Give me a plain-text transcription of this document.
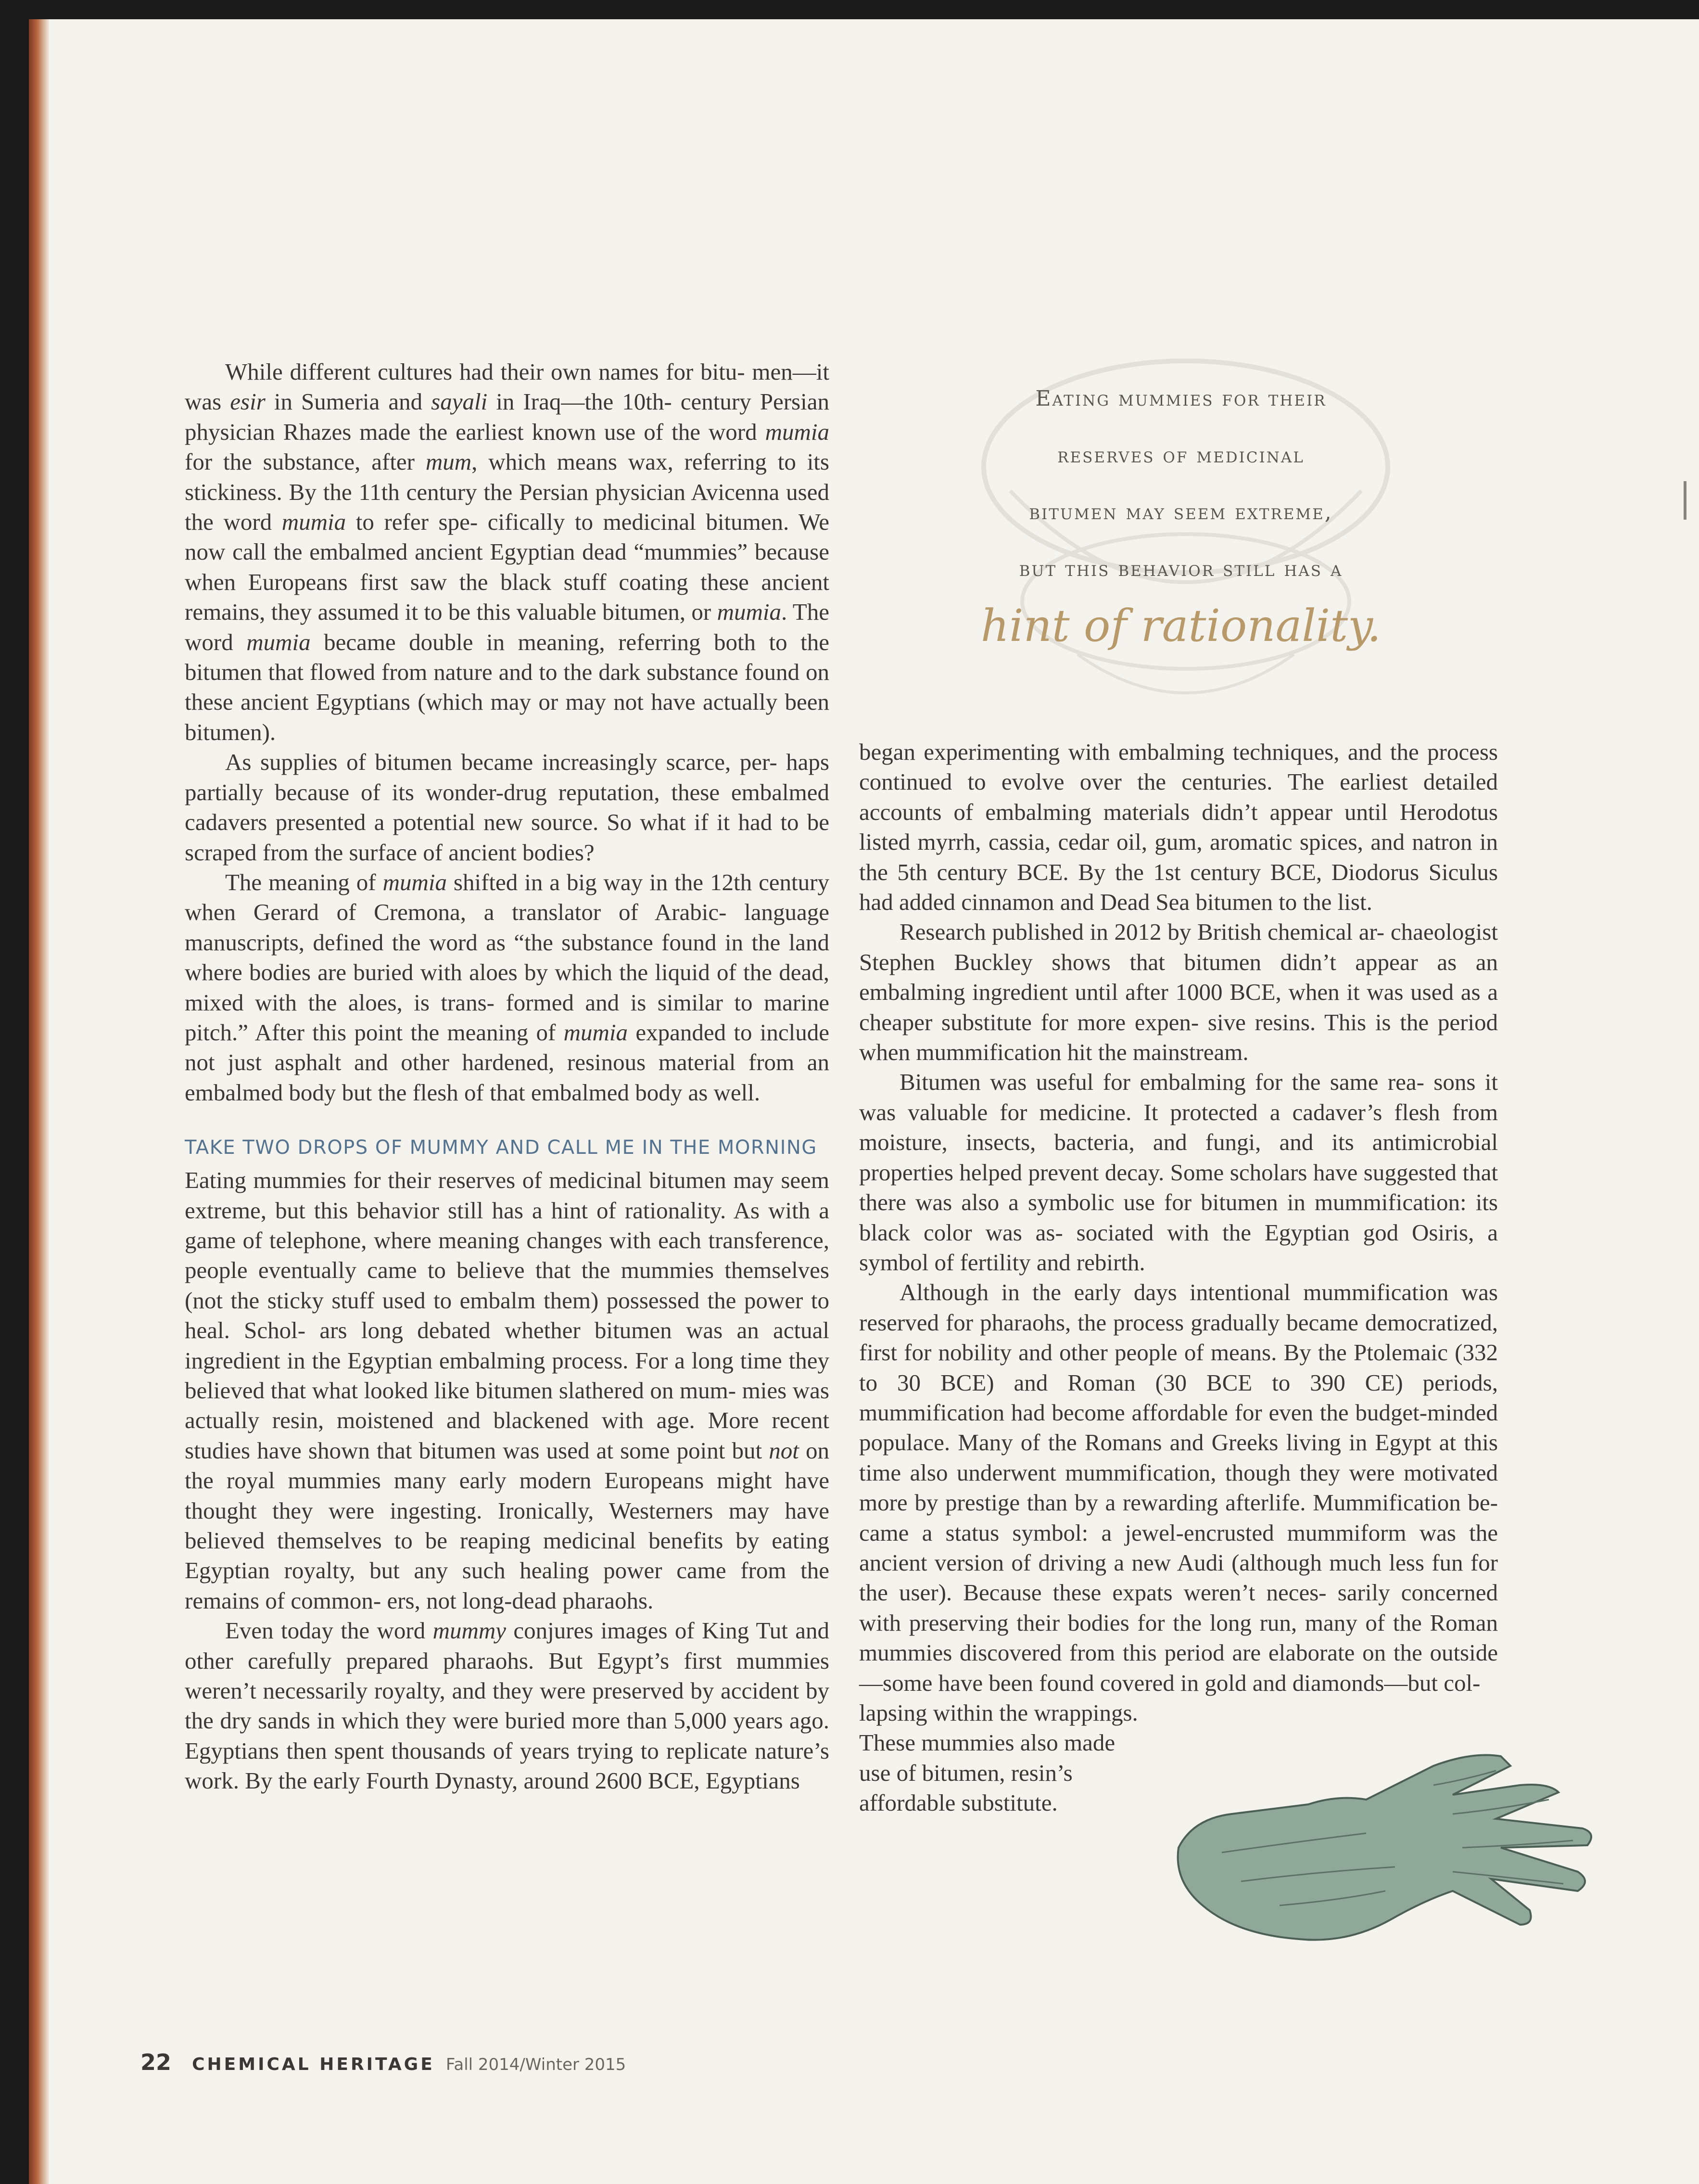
While different cultures had their own names for bitu- men—it was esir in Sumeria and sayali in Iraq—the 10th- century Persian physician Rhazes made the earliest known use of the word mumia for the substance, after mum, which means wax, referring to its stickiness. By the 11th century the Persian physician Avicenna used the word mumia to refer spe- cifically to medicinal bitumen. We now call the embalmed ancient Egyptian dead “mummies” because when Europeans first saw the black stuff coating these ancient remains, they assumed it to be this valuable bitumen, or mumia. The word mumia became double in meaning, referring both to the bitumen that flowed from nature and to the dark substance found on these ancient Egyptians (which may or may not have actually been bitumen).

As supplies of bitumen became increasingly scarce, per- haps partially because of its wonder-drug reputation, these embalmed cadavers presented a potential new source. So what if it had to be scraped from the surface of ancient bodies?

The meaning of mumia shifted in a big way in the 12th century when Gerard of Cremona, a translator of Arabic- language manuscripts, defined the word as “the substance found in the land where bodies are buried with aloes by which the liquid of the dead, mixed with the aloes, is trans- formed and is similar to marine pitch.” After this point the meaning of mumia expanded to include not just asphalt and other hardened, resinous material from an embalmed body but the flesh of that embalmed body as well.

TAKE TWO DROPS OF MUMMY AND CALL ME IN THE MORNING

Eating mummies for their reserves of medicinal bitumen may seem extreme, but this behavior still has a hint of rationality. As with a game of telephone, where meaning changes with each transference, people eventually came to believe that the mummies themselves (not the sticky stuff used to embalm them) possessed the power to heal. Schol- ars long debated whether bitumen was an actual ingredient in the Egyptian embalming process. For a long time they believed that what looked like bitumen slathered on mum- mies was actually resin, moistened and blackened with age. More recent studies have shown that bitumen was used at some point but not on the royal mummies many early modern Europeans might have thought they were ingesting. Ironically, Westerners may have believed themselves to be reaping medicinal benefits by eating Egyptian royalty, but any such healing power came from the remains of common- ers, not long-dead pharaohs.

Even today the word mummy conjures images of King Tut and other carefully prepared pharaohs. But Egypt’s first mummies weren’t necessarily royalty, and they were preserved by accident by the dry sands in which they were buried more than 5,000 years ago. Egyptians then spent thousands of years trying to replicate nature’s work. By the early Fourth Dynasty, around 2600 BCE, Egyptians

Eating mummies for their
reserves of medicinal
bitumen may seem extreme,
but this behavior still has a
hint of rationality.

began experimenting with embalming techniques, and the process continued to evolve over the centuries. The earliest detailed accounts of embalming materials didn’t appear until Herodotus listed myrrh, cassia, cedar oil, gum, aromatic spices, and natron in the 5th century BCE. By the 1st century BCE, Diodorus Siculus had added cinnamon and Dead Sea bitumen to the list.

Research published in 2012 by British chemical ar- chaeologist Stephen Buckley shows that bitumen didn’t appear as an embalming ingredient until after 1000 BCE, when it was used as a cheaper substitute for more expen- sive resins. This is the period when mummification hit the mainstream.

Bitumen was useful for embalming for the same rea- sons it was valuable for medicine. It protected a cadaver’s flesh from moisture, insects, bacteria, and fungi, and its antimicrobial properties helped prevent decay. Some scholars have suggested that there was also a symbolic use for bitumen in mummification: its black color was as- sociated with the Egyptian god Osiris, a symbol of fertility and rebirth.

Although in the early days intentional mummification was reserved for pharaohs, the process gradually became democratized, first for nobility and other people of means. By the Ptolemaic (332 to 30 BCE) and Roman (30 BCE to 390 CE) periods, mummification had become affordable for even the budget-minded populace. Many of the Romans and Greeks living in Egypt at this time also underwent mummification, though they were motivated more by prestige than by a rewarding afterlife. Mummification be- came a status symbol: a jewel-encrusted mummiform was the ancient version of driving a new Audi (although much less fun for the user). Because these expats weren’t neces- sarily concerned with preserving their bodies for the long run, many of the Roman mummies discovered from this period are elaborate on the outside—some have been found covered in gold and diamonds—but col-

lapsing within the wrappings.
These mummies also made
use of bitumen, resin’s
affordable substitute.
22 CHEMICAL HERITAGE Fall 2014/Winter 2015
